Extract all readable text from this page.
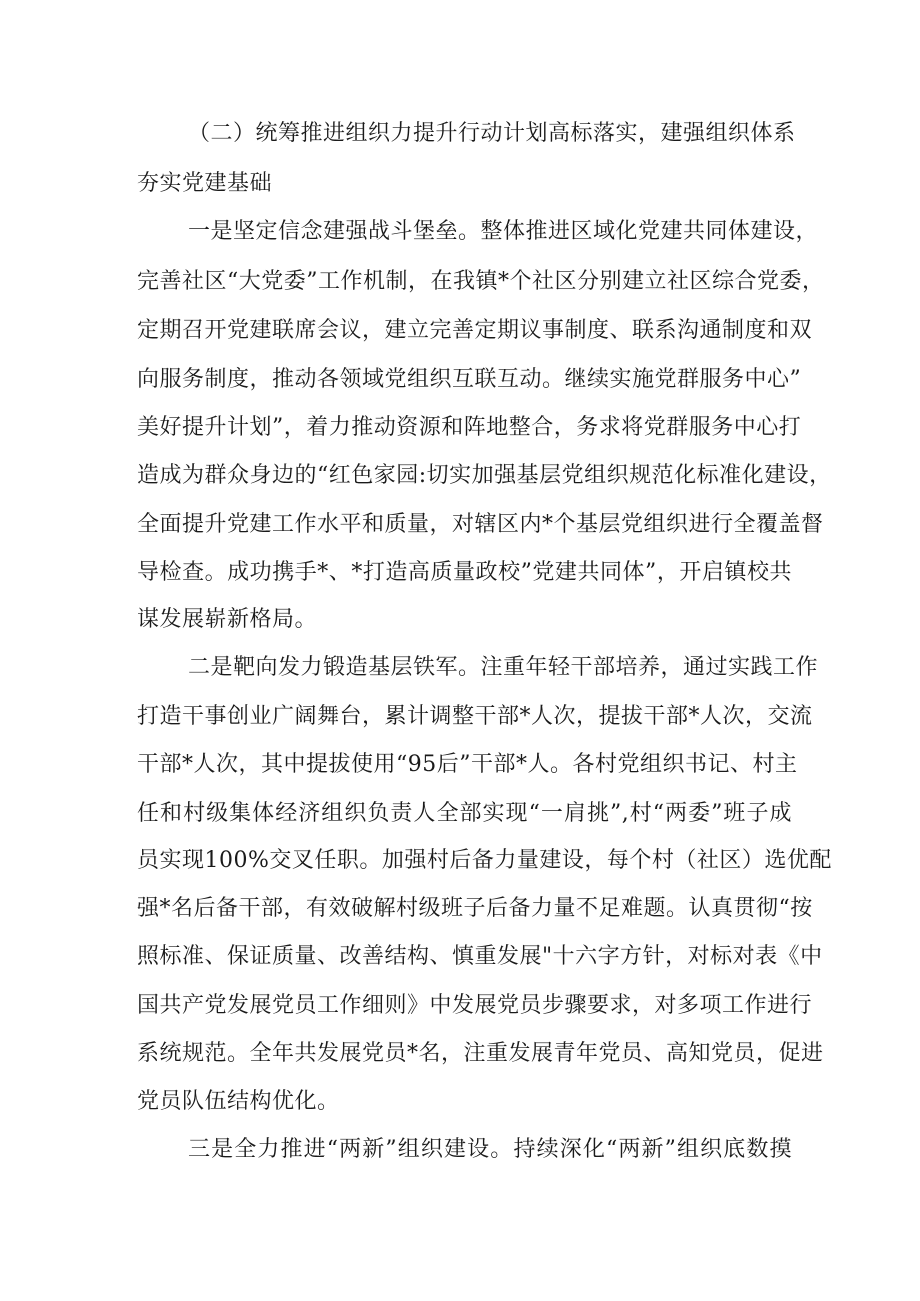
（二）统筹推进组织力提升行动计划高标落实，建强组织体系
夯实党建基础
一是坚定信念建强战斗堡垒。整体推进区域化党建共同体建设，
完善社区“大党委”工作机制，在我镇*个社区分别建立社区综合党委，
定期召开党建联席会议，建立完善定期议事制度、联系沟通制度和双
向服务制度，推动各领域党组织互联互动。继续实施党群服务中心”
美好提升计划”，着力推动资源和阵地整合，务求将党群服务中心打
造成为群众身边的“红色家园:切实加强基层党组织规范化标准化建设，
全面提升党建工作水平和质量，对辖区内*个基层党组织进行全覆盖督
导检查。成功携手*、*打造高质量政校”党建共同体”，开启镇校共
谋发展崭新格局。
二是靶向发力锻造基层铁军。注重年轻干部培养，通过实践工作
打造干事创业广阔舞台，累计调整干部*人次，提拔干部*人次，交流
干部*人次，其中提拔使用“95后”干部*人。各村党组织书记、村主
任和村级集体经济组织负责人全部实现“一肩挑”,村“两委”班子成
员实现100%交叉任职。加强村后备力量建设，每个村（社区）选优配
强*名后备干部，有效破解村级班子后备力量不足难题。认真贯彻“按
照标准、保证质量、改善结构、慎重发展"十六字方针，对标对表《中
国共产党发展党员工作细则》中发展党员步骤要求，对多项工作进行
系统规范。全年共发展党员*名，注重发展青年党员、高知党员，促进
党员队伍结构优化。
三是全力推进“两新”组织建设。持续深化“两新”组织底数摸
